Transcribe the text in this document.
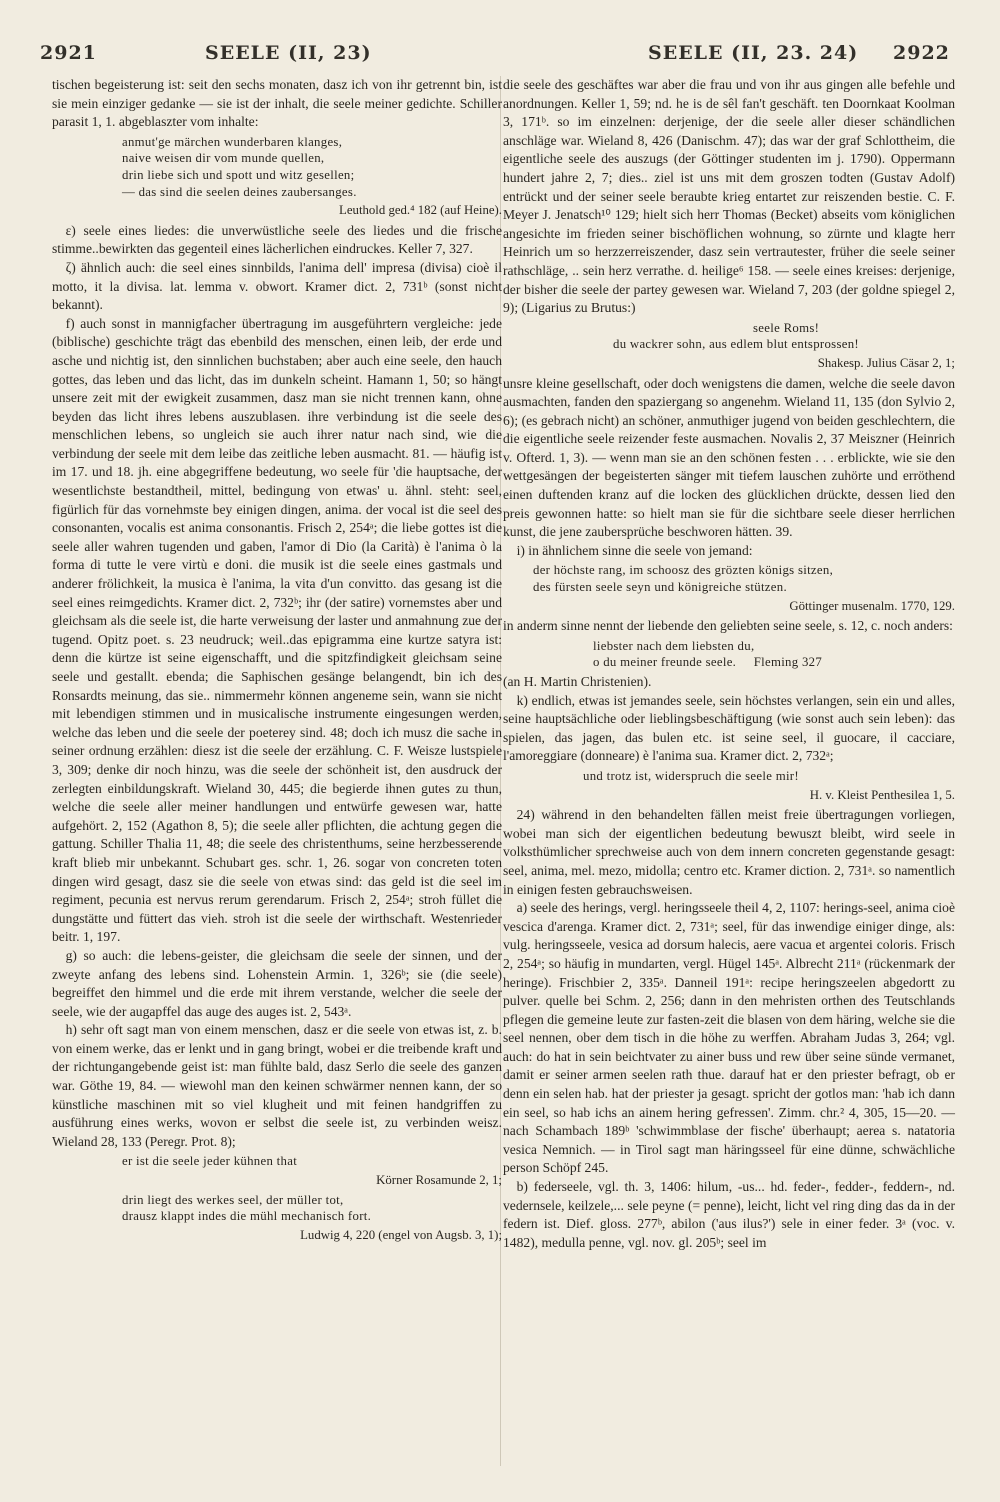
2921	SEELE (II, 23)	SEELE (II, 23. 24) 2922

tischen begeisterung ist: seit den sechs monaten, dasz ich von ihr getrennt bin, ist sie mein einziger gedanke — sie ist der inhalt, die seele meiner gedichte. Schiller parasit 1, 1. abgeblaszter vom inhalte:

anmut'ge märchen wunderbaren klanges,
naive weisen dir vom munde quellen,
drin liebe sich und spott und witz gesellen;
— das sind die seelen deines zaubersanges.
Leuthold ged.⁴ 182 (auf Heine).

ε) seele eines liedes: die unverwüstliche seele des liedes und die frische stimme..bewirkten das gegenteil eines lächerlichen eindruckes. Keller 7, 327.

ζ) ähnlich auch: die seel eines sinnbilds, l'anima dell' impresa (divisa) cioè il motto, it la divisa. lat. lemma v. obwort. Kramer dict. 2, 731ᵇ (sonst nicht bekannt).

f) auch sonst in mannigfacher übertragung im ausgeführtern vergleiche: jede (biblische) geschichte trägt das ebenbild des menschen, einen leib, der erde und asche und nichtig ist, den sinnlichen buchstaben; aber auch eine seele, den hauch gottes, das leben und das licht, das im dunkeln scheint. Hamann 1, 50; so hängt unsere zeit mit der ewigkeit zusammen, dasz man sie nicht trennen kann, ohne beyden das licht ihres lebens auszublasen. ihre verbindung ist die seele des menschlichen lebens, so ungleich sie auch ihrer natur nach sind, wie die verbindung der seele mit dem leibe das zeitliche leben ausmacht. 81. — häufig ist im 17. und 18. jh. eine abgegriffene bedeutung, wo seele für 'die hauptsache, der wesentlichste bestandtheil, mittel, bedingung von etwas' u. ähnl. steht: seel, figürlich für das vornehmste bey einigen dingen, anima. der vocal ist die seel des consonanten, vocalis est anima consonantis. Frisch 2, 254ᵃ; die liebe gottes ist die seele aller wahren tugenden und gaben, l'amor di Dio (la Carità) è l'anima ò la forma di tutte le vere virtù e doni. die musik ist die seele eines gastmals und anderer frölichkeit, la musica è l'anima, la vita d'un convitto. das gesang ist die seel eines reimgedichts. Kramer dict. 2, 732ᵇ; ihr (der satire) vornemstes aber und gleichsam als die seele ist, die harte verweisung der laster und anmahnung zue der tugend. Opitz poet. s. 23 neudruck; weil..das epigramma eine kurtze satyra ist: denn die kürtze ist seine eigenschafft, und die spitzfindigkeit gleichsam seine seele und gestallt. ebenda; die Saphischen gesänge belangendt, bin ich des Ronsardts meinung, das sie.. nimmermehr können angeneme sein, wann sie nicht mit lebendigen stimmen und in musicalische instrumente eingesungen werden, welche das leben und die seele der poeterey sind. 48; doch ich musz die sache in seiner ordnung erzählen: diesz ist die seele der erzählung. C. F. Weisze lustspiele 3, 309; denke dir noch hinzu, was die seele der schönheit ist, den ausdruck der zerlegten einbildungskraft. Wieland 30, 445; die begierde ihnen gutes zu thun, welche die seele aller meiner handlungen und entwürfe gewesen war, hatte aufgehört. 2, 152 (Agathon 8, 5); die seele aller pflichten, die achtung gegen die gattung. Schiller Thalia 11, 48; die seele des christenthums, seine herzbesserende kraft blieb mir unbekannt. Schubart ges. schr. 1, 26. sogar von concreten toten dingen wird gesagt, dasz sie die seele von etwas sind: das geld ist die seel im regiment, pecunia est nervus rerum gerendarum. Frisch 2, 254ᵃ; stroh füllet die dungstätte und füttert das vieh. stroh ist die seele der wirthschaft. Westenrieder beitr. 1, 197.

g) so auch: die lebens-geister, die gleichsam die seele der sinnen, und der zweyte anfang des lebens sind. Lohenstein Armin. 1, 326ᵇ; sie (die seele) begreiffet den himmel und die erde mit ihrem verstande, welcher die seele der seele, wie der augapffel das auge des auges ist. 2, 543ᵃ.

h) sehr oft sagt man von einem menschen, dasz er die seele von etwas ist, z. b. von einem werke, das er lenkt und in gang bringt, wobei er die treibende kraft und der richtungangebende geist ist: man fühlte bald, dasz Serlo die seele des ganzen war. Göthe 19, 84. — wiewohl man den keinen schwärmer nennen kann, der so künstliche maschinen mit so viel klugheit und mit feinen handgriffen zu ausführung eines werks, wovon er selbst die seele ist, zu verbinden weisz. Wieland 28, 133 (Peregr. Prot. 8);

er ist die seele jeder kühnen that
Körner Rosamunde 2, 1;
drin liegt des werkes seel, der müller tot,
drausz klappt indes die mühl mechanisch fort.
Ludwig 4, 220 (engel von Augsb. 3, 1);

die seele des geschäftes war aber die frau und von ihr aus gingen alle befehle und anordnungen. Keller 1, 59; nd. he is de sêl fan't geschäft. ten Doornkaat Koolman 3, 171ᵇ. so im einzelnen: derjenige, der die seele aller dieser schändlichen anschläge war. Wieland 8, 426 (Danischm. 47); das war der graf Schlottheim, die eigentliche seele des auszugs (der Göttinger studenten im j. 1790). Oppermann hundert jahre 2, 7; dies.. ziel ist uns mit dem groszen todten (Gustav Adolf) entrückt und der seiner seele beraubte krieg entartet zur reiszenden bestie. C. F. Meyer J. Jenatsch¹⁰ 129; hielt sich herr Thomas (Becket) abseits vom königlichen angesichte im frieden seiner bischöflichen wohnung, so zürnte und klagte herr Heinrich um so herzzerreiszender, dasz sein vertrautester, früher die seele seiner rathschläge, .. sein herz verrathe. d. heilige⁶ 158. — seele eines kreises: derjenige, der bisher die seele der partey gewesen war. Wieland 7, 203 (der goldne spiegel 2, 9); (Ligarius zu Brutus:)

seele Roms!
du wackrer sohn, aus edlem blut entsprossen!
Shakesp. Julius Cäsar 2, 1;

unsre kleine gesellschaft, oder doch wenigstens die damen, welche die seele davon ausmachten, fanden den spaziergang so angenehm. Wieland 11, 135 (don Sylvio 2, 6); (es gebrach nicht) an schöner, anmuthiger jugend von beiden geschlechtern, die die eigentliche seele reizender feste ausmachen. Novalis 2, 37 Meiszner (Heinrich v. Ofterd. 1, 3). — wenn man sie an den schönen festen . . . erblickte, wie sie den wettgesängen der begeisterten sänger mit tiefem lauschen zuhörte und erröthend einen duftenden kranz auf die locken des glücklichen drückte, dessen lied den preis gewonnen hatte: so hielt man sie für die sichtbare seele dieser herrlichen kunst, die jene zaubersprüche beschworen hätten. 39.

i) in ähnlichem sinne die seele von jemand:

der höchste rang, im schoosz des grözten königs sitzen,
des fürsten seele seyn und königreiche stützen.
Göttinger musenalm. 1770, 129.

in anderm sinne nennt der liebende den geliebten seine seele, s. 12, c. noch anders:

liebster nach dem liebsten du,
o du meiner freunde seele. Fleming 327

(an H. Martin Christenien).

k) endlich, etwas ist jemandes seele, sein höchstes verlangen, sein ein und alles, seine hauptsächliche oder lieblingsbeschäftigung (wie sonst auch sein leben): das spielen, das jagen, das bulen etc. ist seine seel, il guocare, il cacciare, l'amoreggiare (donneare) è l'anima sua. Kramer dict. 2, 732ᵃ;

und trotz ist, widerspruch die seele mir!
H. v. Kleist Penthesilea 1, 5.

24) während in den behandelten fällen meist freie übertragungen vorliegen, wobei man sich der eigentlichen bedeutung bewuszt bleibt, wird seele in volksthümlicher sprechweise auch von dem innern concreten gegenstande gesagt: seel, anima, mel. mezo, midolla; centro etc. Kramer diction. 2, 731ᵃ. so namentlich in einigen festen gebrauchsweisen.

a) seele des herings, vergl. heringsseele theil 4, 2, 1107: herings-seel, anima cioè vescica d'arenga. Kramer dict. 2, 731ᵃ; seel, für das inwendige einiger dinge, als: vulg. heringsseele, vesica ad dorsum halecis, aere vacua et argentei coloris. Frisch 2, 254ᵃ; so häufig in mundarten, vergl. Hügel 145ᵃ. Albrecht 211ᵃ (rückenmark der heringe). Frischbier 2, 335ᵃ. Danneil 191ᵃ: recipe heringszeelen abgedortt zu pulver. quelle bei Schm. 2, 256; dann in den mehristen orthen des Teutschlands pflegen die gemeine leute zur fasten-zeit die blasen von dem häring, welche sie die seel nennen, ober dem tisch in die höhe zu werffen. Abraham Judas 3, 264; vgl. auch: do hat in sein beichtvater zu ainer buss und rew über seine sünde vermanet, damit er seiner armen seelen rath thue. darauf hat er den priester befragt, ob er denn ein selen hab. hat der priester ja gesagt. spricht der gotlos man: 'hab ich dann ein seel, so hab ichs an ainem hering gefressen'. Zimm. chr.² 4, 305, 15—20. — nach Schambach 189ᵇ 'schwimmblase der fische' überhaupt; aerea s. natatoria vesica Nemnich. — in Tirol sagt man häringsseel für eine dünne, schwächliche person Schöpf 245.

b) federseele, vgl. th. 3, 1406: hilum, -us... hd. feder-, fedder-, feddern-, nd. vedernsele, keilzele,... sele peyne (= penne), leicht, licht vel ring ding das da in der federn ist. Dief. gloss. 277ᵇ, abilon ('aus ilus?') sele in einer feder. 3ᵃ (voc. v. 1482), medulla penne, vgl. nov. gl. 205ᵇ; seel im
